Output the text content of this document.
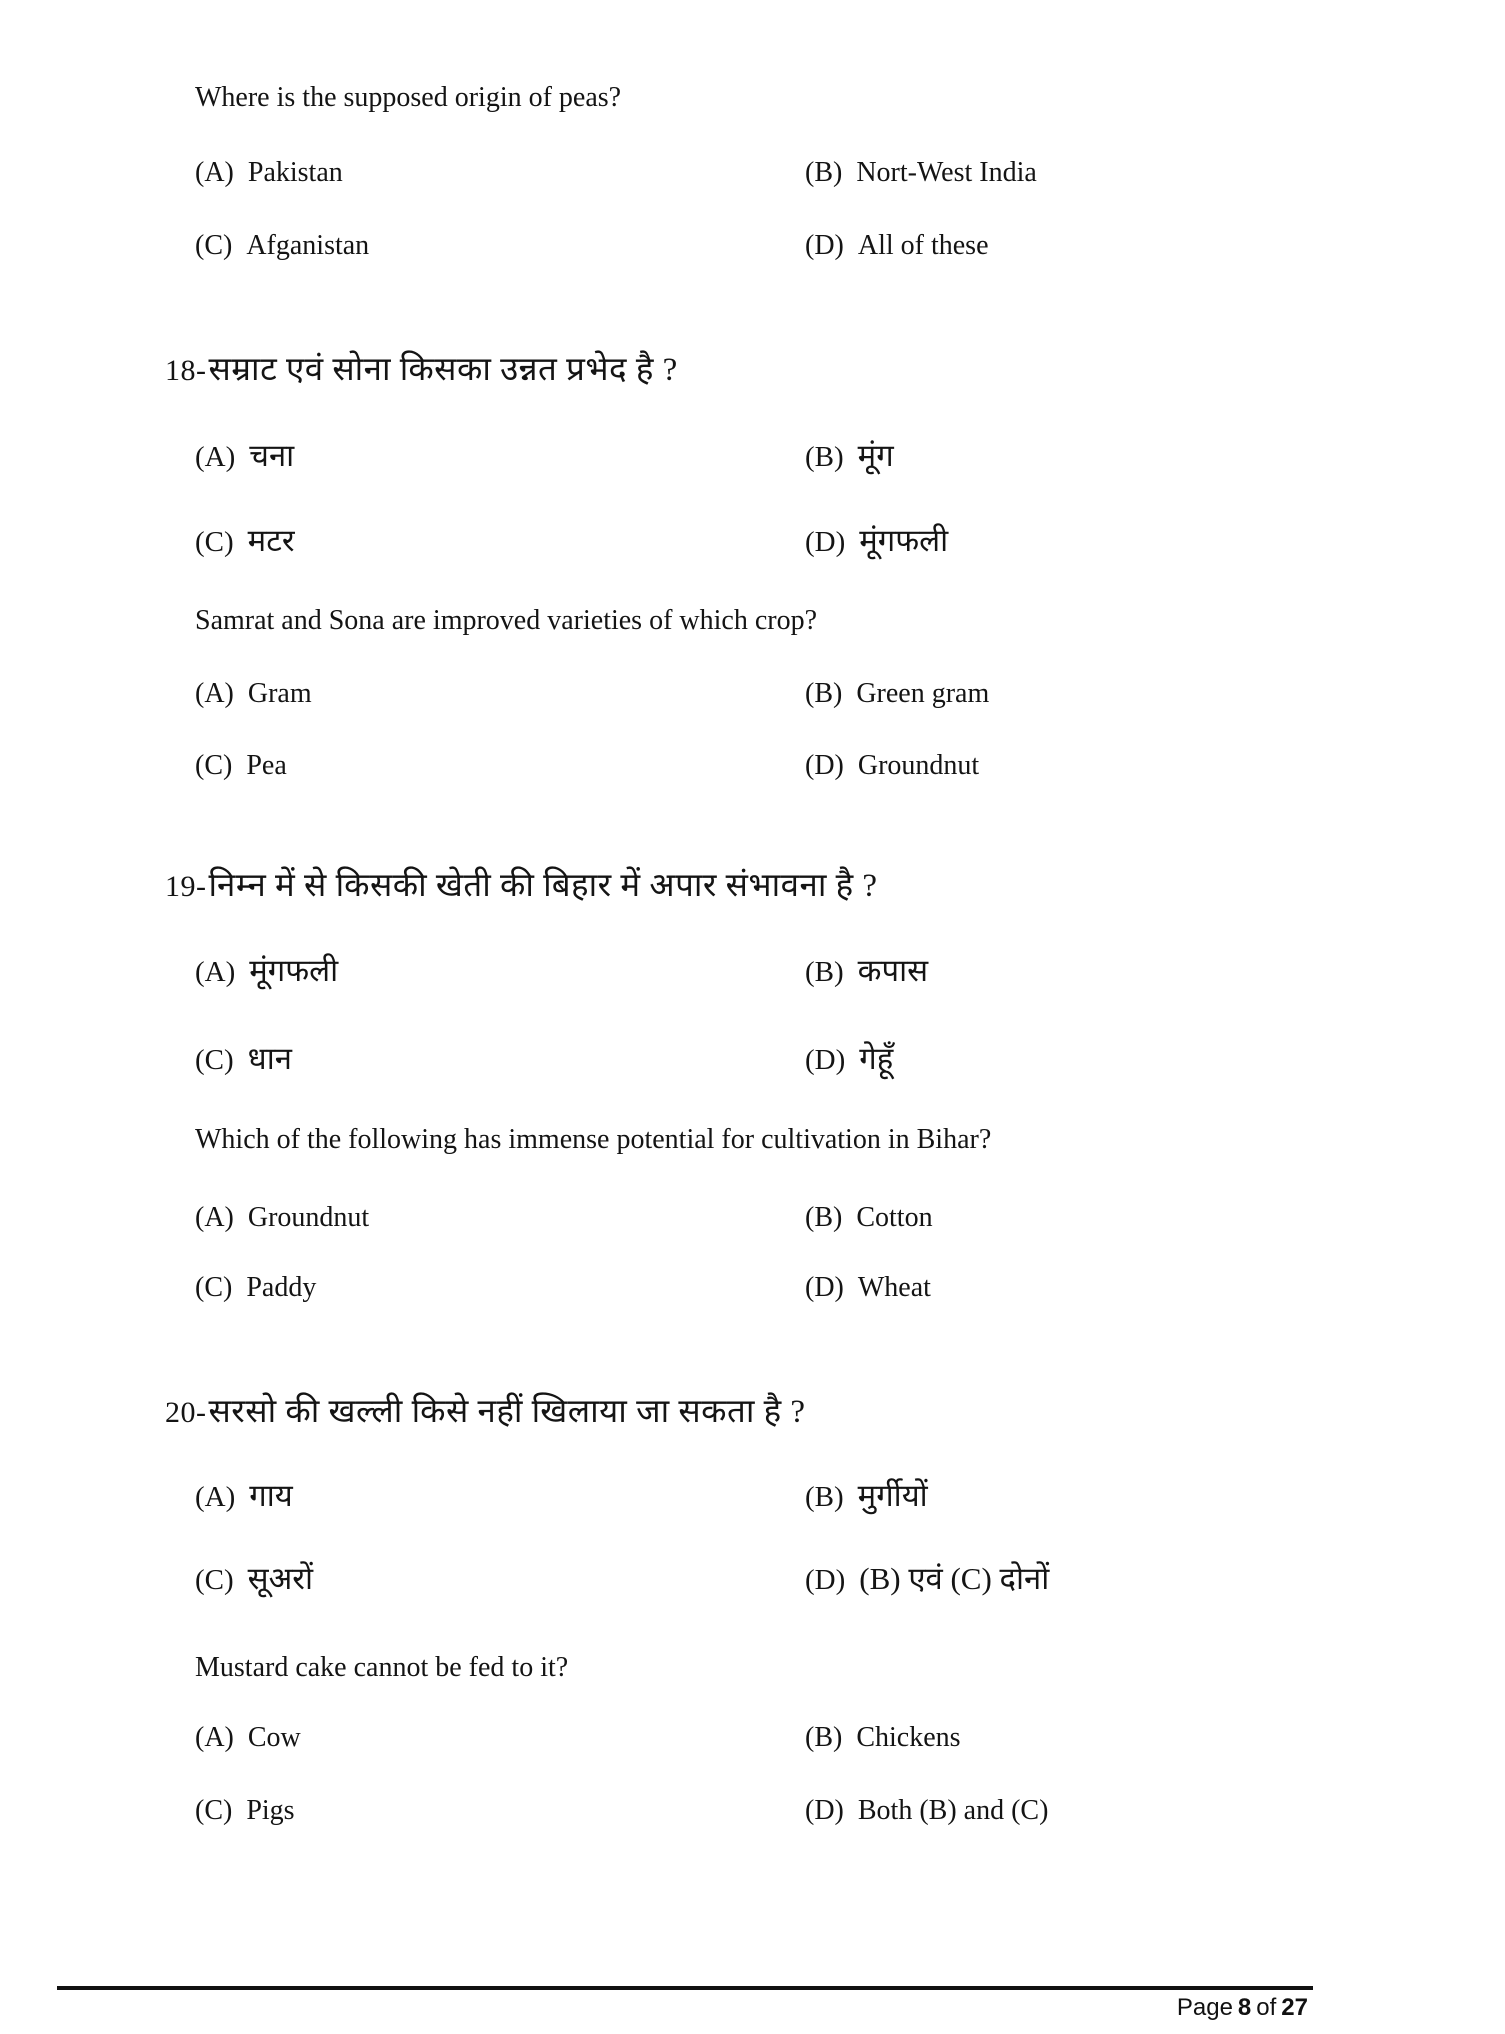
Where is the supposed origin of peas?
(A) Pakistan	(B) Nort-West India
(C) Afganistan	(D) All of these
18-सम्राट एवं सोना किसका उन्नत प्रभेद है ?
(A) चना	(B) मूंग
(C) मटर	(D) मूंगफली
Samrat and Sona are improved varieties of which crop?
(A) Gram	(B) Green gram
(C) Pea	(D) Groundnut
19-निम्न में से किसकी खेती की बिहार में अपार संभावना है ?
(A) मूंगफली	(B) कपास
(C) धान	(D) गेहूँ
Which of the following has immense potential for cultivation in Bihar?
(A) Groundnut	(B) Cotton
(C) Paddy	(D) Wheat
20-सरसो की खल्ली किसे नहीं खिलाया जा सकता है ?
(A) गाय	(B) मुर्गीयों
(C) सूअरों	(D) (B) एवं (C) दोनों
Mustard cake cannot be fed to it?
(A) Cow	(B) Chickens
(C) Pigs	(D) Both (B) and (C)
Page 8 of 27
